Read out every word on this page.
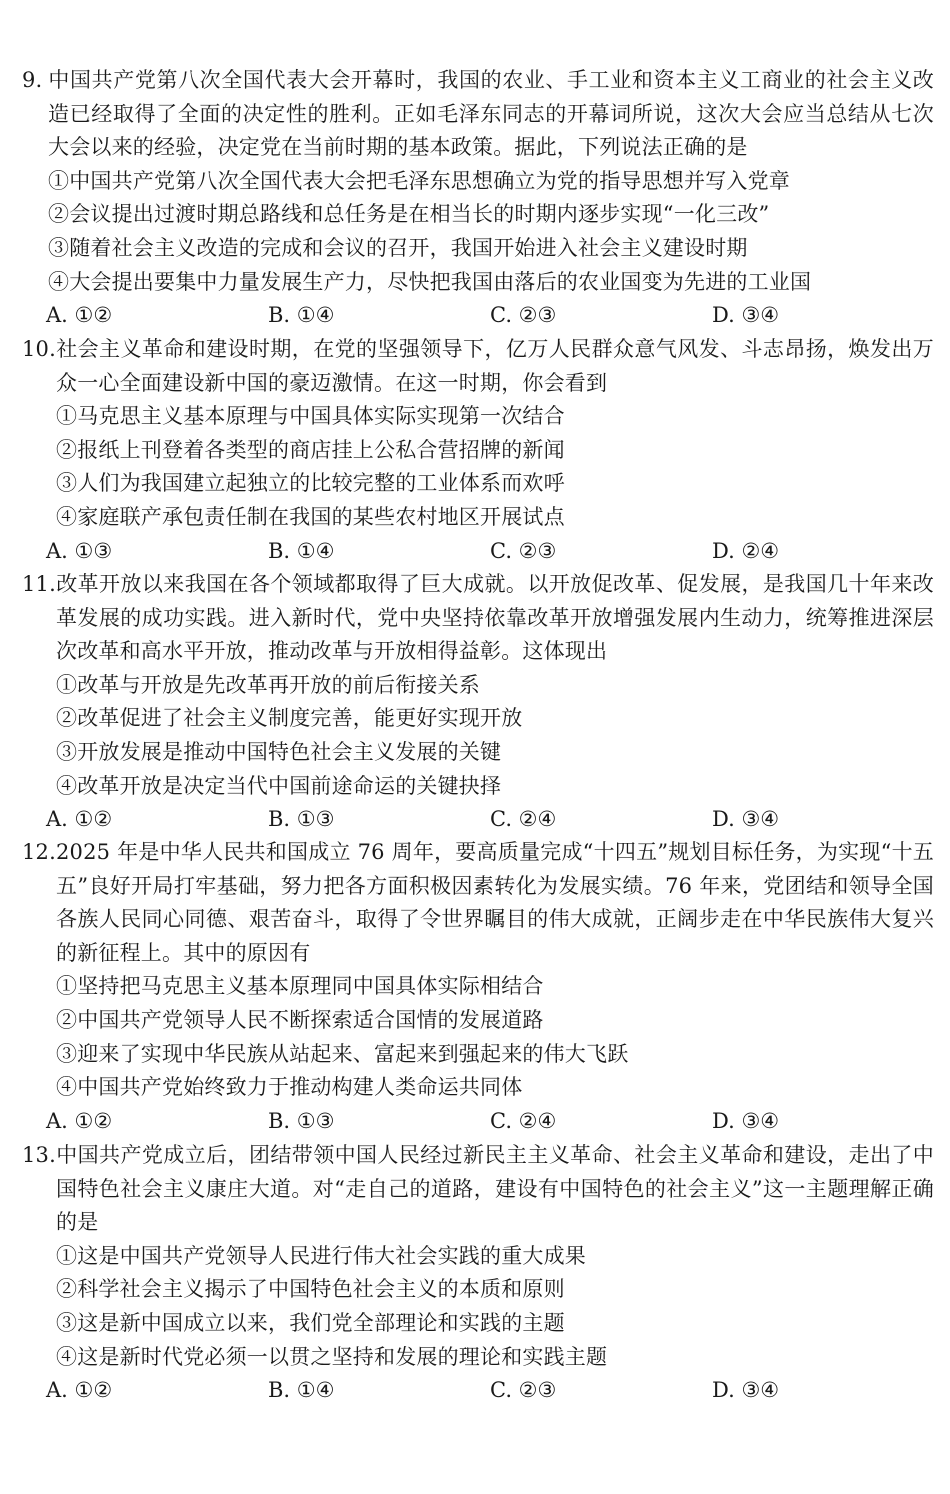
9. 中国共产党第八次全国代表大会开幕时，我国的农业、手工业和资本主义工商业的社会主义改造已经取得了全面的决定性的胜利。正如毛泽东同志的开幕词所说，这次大会应当总结从七次大会以来的经验，决定党在当前时期的基本政策。据此，下列说法正确的是

①中国共产党第八次全国代表大会把毛泽东思想确立为党的指导思想并写入党章

②会议提出过渡时期总路线和总任务是在相当长的时期内逐步实现“一化三改”

③随着社会主义改造的完成和会议的召开，我国开始进入社会主义建设时期

④大会提出要集中力量发展生产力，尽快把我国由落后的农业国变为先进的工业国

A. ①②	B. ①④	C. ②③	D. ③④

10.社会主义革命和建设时期，在党的坚强领导下，亿万人民群众意气风发、斗志昂扬，焕发出万众一心全面建设新中国的豪迈激情。在这一时期，你会看到

①马克思主义基本原理与中国具体实际实现第一次结合

②报纸上刊登着各类型的商店挂上公私合营招牌的新闻

③人们为我国建立起独立的比较完整的工业体系而欢呼

④家庭联产承包责任制在我国的某些农村地区开展试点

A. ①③	B. ①④	C. ②③	D. ②④

11.改革开放以来我国在各个领域都取得了巨大成就。以开放促改革、促发展，是我国几十年来改革发展的成功实践。进入新时代，党中央坚持依靠改革开放增强发展内生动力，统筹推进深层次改革和高水平开放，推动改革与开放相得益彰。这体现出

①改革与开放是先改革再开放的前后衔接关系

②改革促进了社会主义制度完善，能更好实现开放

③开放发展是推动中国特色社会主义发展的关键

④改革开放是决定当代中国前途命运的关键抉择

A. ①②	B. ①③	C. ②④	D. ③④

12.2025 年是中华人民共和国成立 76 周年，要高质量完成“十四五”规划目标任务，为实现“十五五”良好开局打牢基础，努力把各方面积极因素转化为发展实绩。76 年来，党团结和领导全国各族人民同心同德、艰苦奋斗，取得了令世界瞩目的伟大成就，正阔步走在中华民族伟大复兴的新征程上。其中的原因有

①坚持把马克思主义基本原理同中国具体实际相结合

②中国共产党领导人民不断探索适合国情的发展道路

③迎来了实现中华民族从站起来、富起来到强起来的伟大飞跃

④中国共产党始终致力于推动构建人类命运共同体

A. ①②	B. ①③	C. ②④	D. ③④

13.中国共产党成立后，团结带领中国人民经过新民主主义革命、社会主义革命和建设，走出了中国特色社会主义康庄大道。对“走自己的道路，建设有中国特色的社会主义”这一主题理解正确的是

①这是中国共产党领导人民进行伟大社会实践的重大成果

②科学社会主义揭示了中国特色社会主义的本质和原则

③这是新中国成立以来，我们党全部理论和实践的主题

④这是新时代党必须一以贯之坚持和发展的理论和实践主题

A. ①②	B. ①④	C. ②③	D. ③④
